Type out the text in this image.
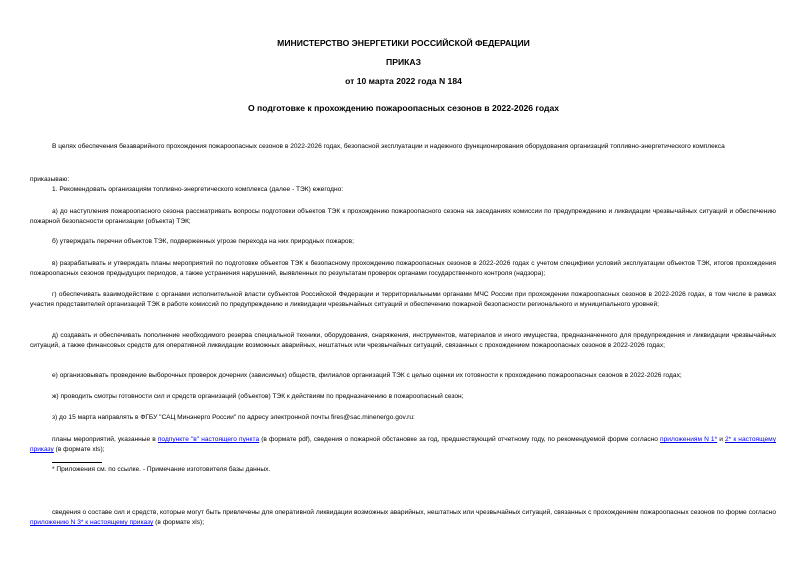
МИНИСТЕРСТВО ЭНЕРГЕТИКИ РОССИЙСКОЙ ФЕДЕРАЦИИ
ПРИКАЗ
от 10 марта 2022 года N 184
О подготовке к прохождению пожароопасных сезонов в 2022-2026 годах

В целях обеспечения безаварийного прохождения пожароопасных сезонов в 2022-2026 годах, безопасной эксплуатации и надежного функционирования оборудования организаций топливно-энергетического комплекса

приказываю:

1. Рекомендовать организациям топливно-энергетического комплекса (далее - ТЭК) ежегодно:

а) до наступления пожароопасного сезона рассматривать вопросы подготовки объектов ТЭК к прохождению пожароопасного сезона на заседаниях комиссии по предупреждению и ликвидации чрезвычайных ситуаций и обеспечению пожарной безопасности организации (объекта) ТЭК;

б) утверждать перечни объектов ТЭК, подверженных угрозе перехода на них природных пожаров;

в) разрабатывать и утверждать планы мероприятий по подготовке объектов ТЭК к безопасному прохождению пожароопасных сезонов в 2022-2026 годах с учетом специфики условий эксплуатации объектов ТЭК, итогов прохождения пожароопасных сезонов предыдущих периодов, а также устранения нарушений, выявленных по результатам проверок органами государственного контроля (надзора);

г) обеспечивать взаимодействие с органами исполнительной власти субъектов Российской Федерации и территориальными органами МЧС России при прохождении пожароопасных сезонов в 2022-2026 годах, в том числе в рамках участия представителей организаций ТЭК в работе комиссий по предупреждению и ликвидации чрезвычайных ситуаций и обеспечению пожарной безопасности регионального и муниципального уровней;

д) создавать и обеспечивать пополнение необходимого резерва специальной техники, оборудования, снаряжения, инструментов, материалов и иного имущества, предназначенного для предупреждения и ликвидации чрезвычайных ситуаций, а также финансовых средств для оперативной ликвидации возможных аварийных, нештатных или чрезвычайных ситуаций, связанных с прохождением пожароопасных сезонов в 2022-2026 годах;

е) организовывать проведение выборочных проверок дочерних (зависимых) обществ, филиалов организаций ТЭК с целью оценки их готовности к прохождению пожароопасных сезонов в 2022-2026 годах;

ж) проводить смотры готовности сил и средств организаций (объектов) ТЭК к действиям по предназначению в пожароопасный сезон;

з) до 15 марта направлять в ФГБУ "САЦ Минэнерго России" по адресу электронной почты fires@sac.minenergo.gov.ru:

планы мероприятий, указанные в подпункте "в" настоящего пункта (в формате pdf), сведения о пожарной обстановке за год, предшествующий отчетному году, по рекомендуемой форме согласно приложениям N 1* и 2* к настоящему приказу (в формате xls);

* Приложения см. по ссылке. - Примечание изготовителя базы данных.

сведения о составе сил и средств, которые могут быть привлечены для оперативной ликвидации возможных аварийных, нештатных или чрезвычайных ситуаций, связанных с прохождением пожароопасных сезонов по форме согласно приложению N 3* к настоящему приказу (в формате xls);
